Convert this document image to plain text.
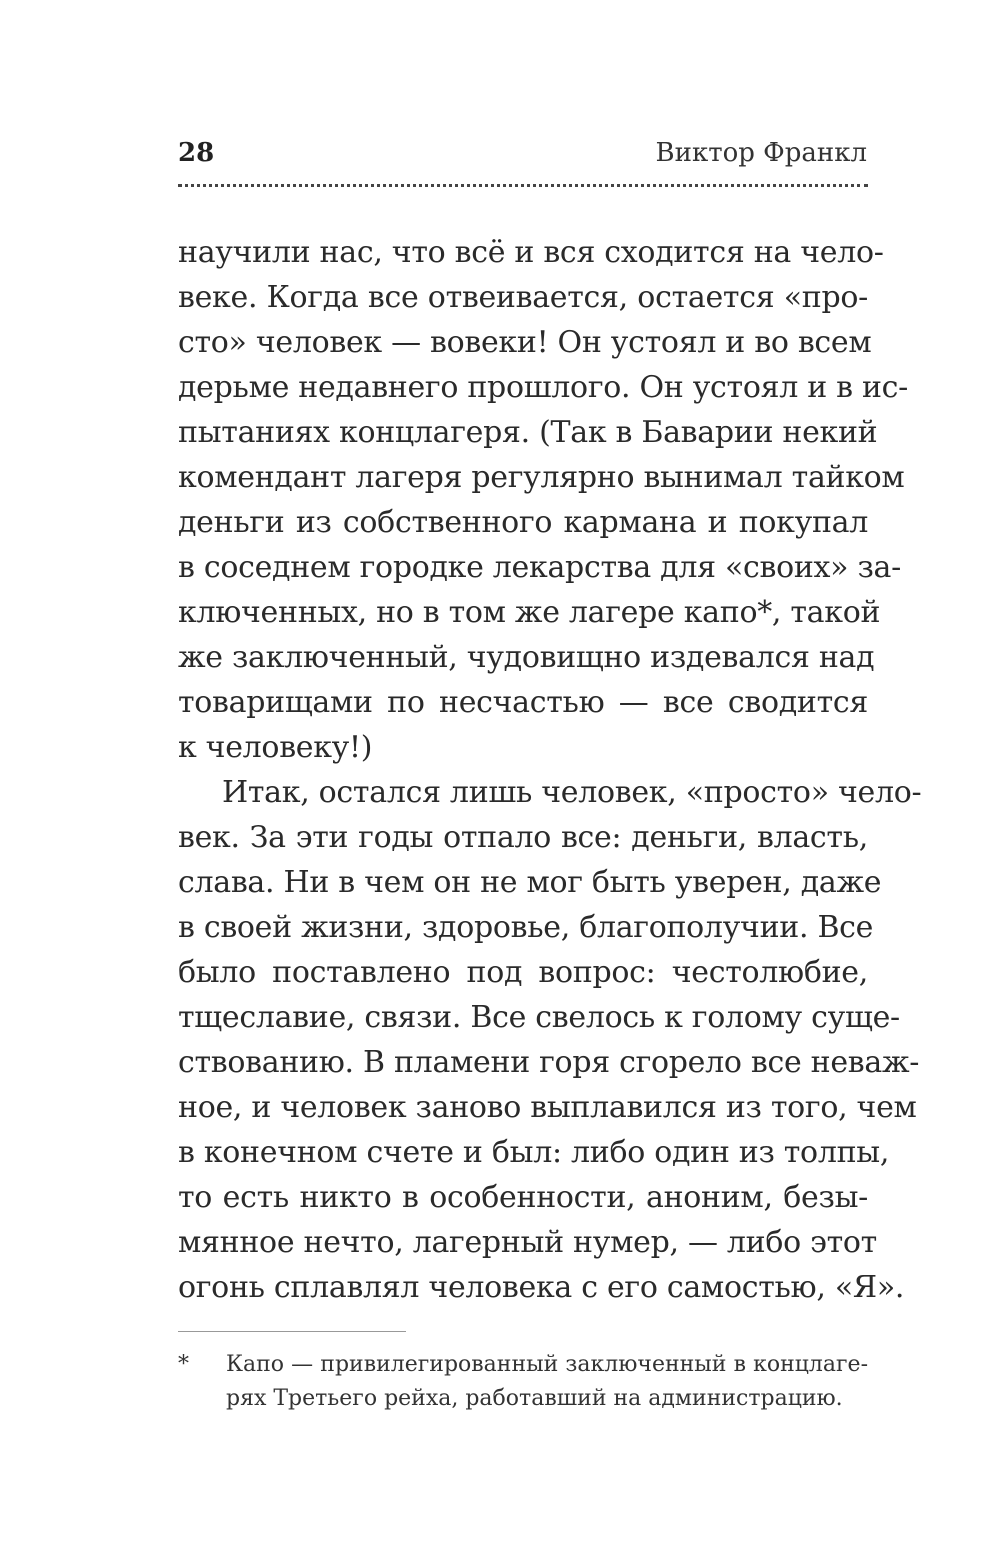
28	Виктор Франкл
научили нас, что всё и вся сходится на чело-
веке. Когда все отвеивается, остается «про-
сто» человек — вовеки! Он устоял и во всем
дерьме недавнего прошлого. Он устоял и в ис-
пытаниях концлагеря. (Так в Баварии некий
комендант лагеря регулярно вынимал тайком
деньги из собственного кармана и покупал
в соседнем городке лекарства для «своих» за-
ключенных, но в том же лагере капо*, такой
же заключенный, чудовищно издевался над
товарищами по несчастью — все сводится
к человеку!)
Итак, остался лишь человек, «просто» чело-
век. За эти годы отпало все: деньги, власть,
слава. Ни в чем он не мог быть уверен, даже
в своей жизни, здоровье, благополучии. Все
было поставлено под вопрос: честолюбие,
тщеславие, связи. Все свелось к голому суще-
ствованию. В пламени горя сгорело все неваж-
ное, и человек заново выплавился из того, чем
в конечном счете и был: либо один из толпы,
то есть никто в особенности, аноним, безы-
мянное нечто, лагерный нумер, — либо этот
огонь сплавлял человека с его самостью, «Я».
* Капо — привилегированный заключенный в концлаге-
рях Третьего рейха, работавший на администрацию.
